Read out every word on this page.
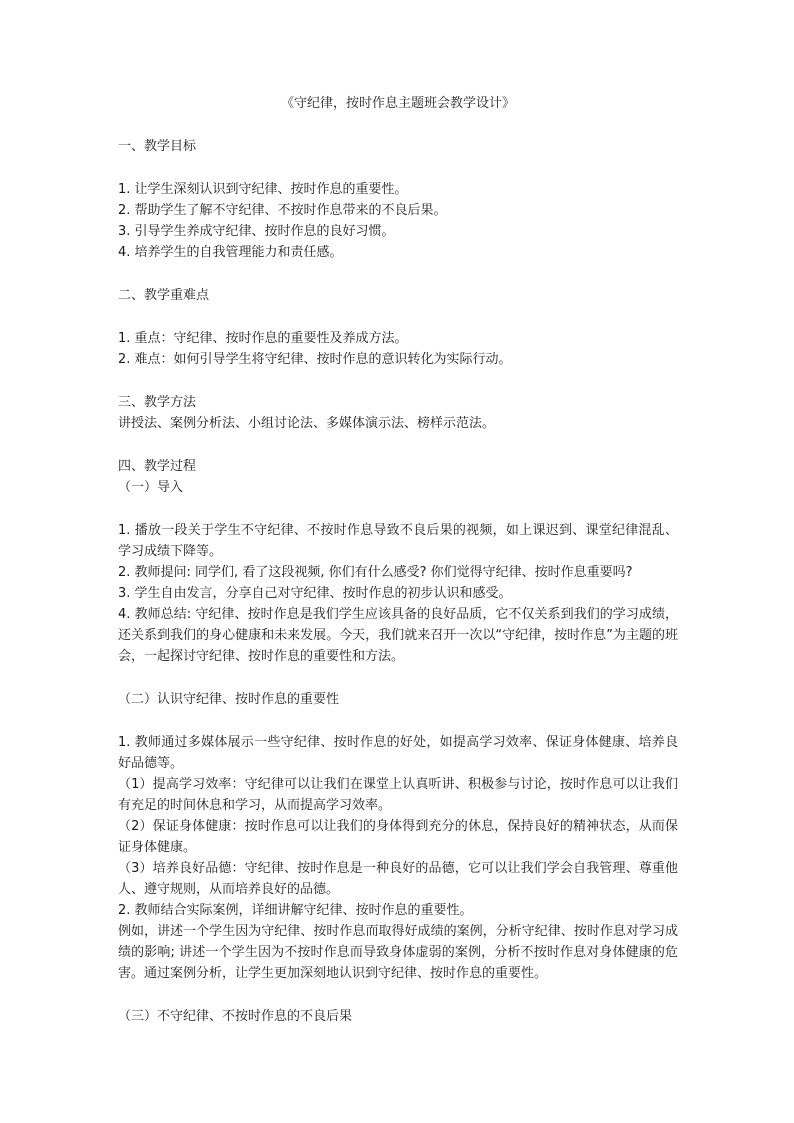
《守纪律，按时作息主题班会教学设计》
一、教学目标
1. 让学生深刻认识到守纪律、按时作息的重要性。
2. 帮助学生了解不守纪律、不按时作息带来的不良后果。
3. 引导学生养成守纪律、按时作息的良好习惯。
4. 培养学生的自我管理能力和责任感。
二、教学重难点
1. 重点：守纪律、按时作息的重要性及养成方法。
2. 难点：如何引导学生将守纪律、按时作息的意识转化为实际行动。
三、教学方法
讲授法、案例分析法、小组讨论法、多媒体演示法、榜样示范法。
四、教学过程
（一）导入

1. 播放一段关于学生不守纪律、不按时作息导致不良后果的视频，如上课迟到、课堂纪律混乱、学习成绩下降等。

2. 教师提问: 同学们, 看了这段视频, 你们有什么感受? 你们觉得守纪律、按时作息重要吗?
3. 学生自由发言，分享自己对守纪律、按时作息的初步认识和感受。

4. 教师总结: 守纪律、按时作息是我们学生应该具备的良好品质，它不仅关系到我们的学习成绩，还关系到我们的身心健康和未来发展。今天，我们就来召开一次以“守纪律，按时作息”为主题的班会，一起探讨守纪律、按时作息的重要性和方法。

（二）认识守纪律、按时作息的重要性

1. 教师通过多媒体展示一些守纪律、按时作息的好处，如提高学习效率、保证身体健康、培养良好品德等。

（1）提高学习效率：守纪律可以让我们在课堂上认真听讲、积极参与讨论，按时作息可以让我们有充足的时间休息和学习，从而提高学习效率。

（2）保证身体健康：按时作息可以让我们的身体得到充分的休息，保持良好的精神状态，从而保证身体健康。

（3）培养良好品德：守纪律、按时作息是一种良好的品德，它可以让我们学会自我管理、尊重他人、遵守规则，从而培养良好的品德。

2. 教师结合实际案例，详细讲解守纪律、按时作息的重要性。

例如，讲述一个学生因为守纪律、按时作息而取得好成绩的案例，分析守纪律、按时作息对学习成绩的影响; 讲述一个学生因为不按时作息而导致身体虚弱的案例，分析不按时作息对身体健康的危害。通过案例分析，让学生更加深刻地认识到守纪律、按时作息的重要性。

（三）不守纪律、不按时作息的不良后果
